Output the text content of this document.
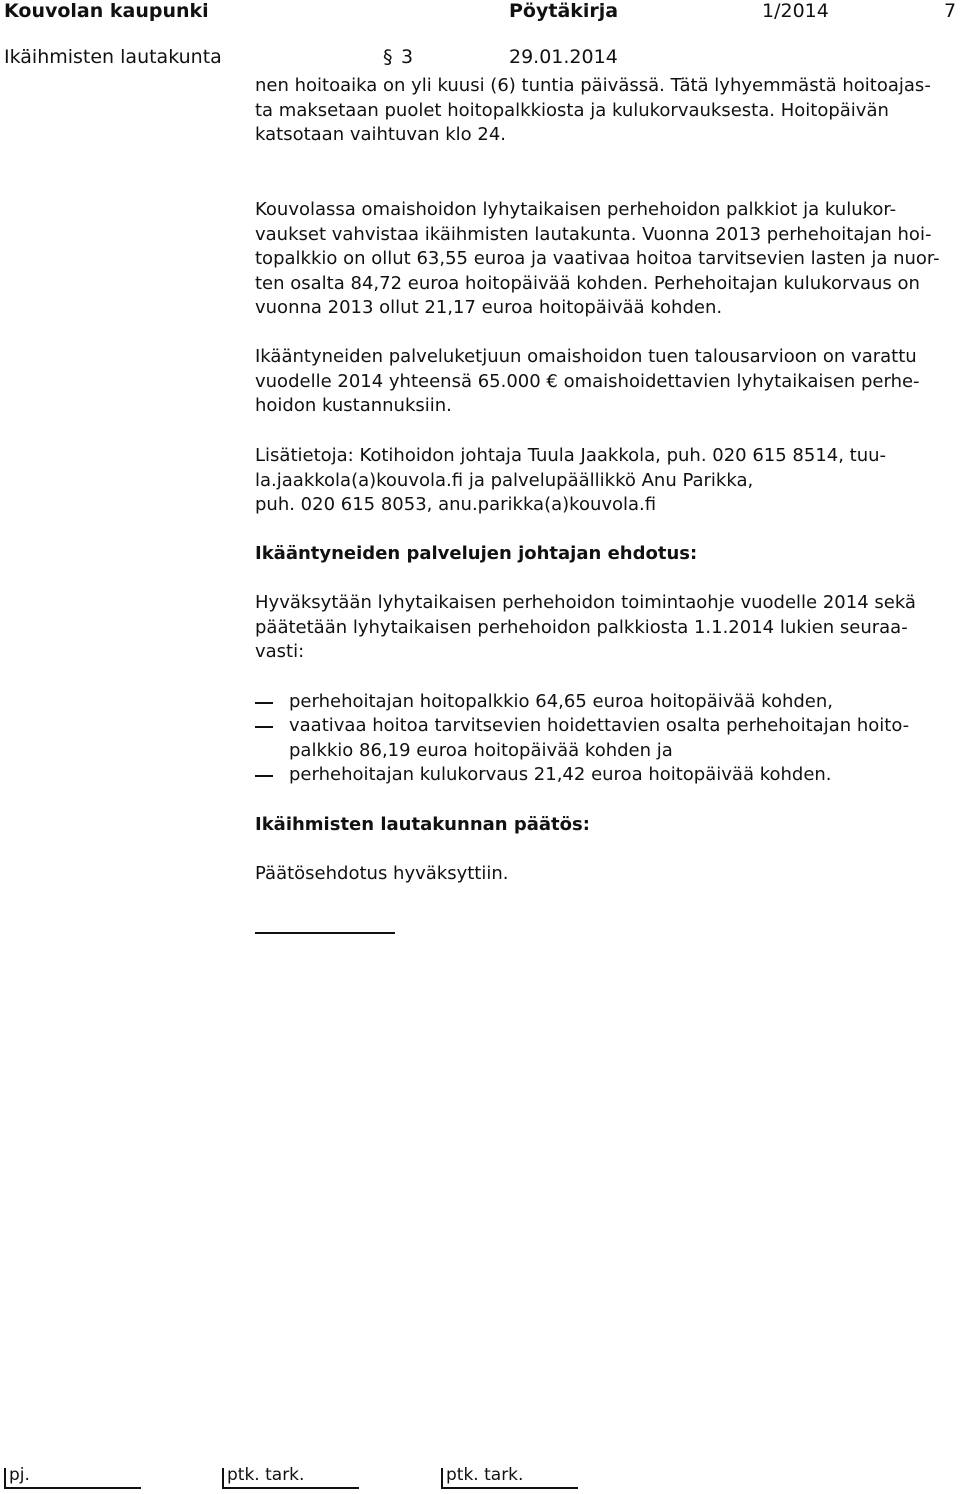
Kouvolan kaupunki	Pöytäkirja	1/2014	7
Ikäihmisten lautakunta	§ 3	29.01.2014
nen hoitoaika on yli kuusi (6) tuntia päivässä. Tätä lyhyemmästä hoitoajas-
ta maksetaan puolet hoitopalkkiosta ja kulukorvauksesta. Hoitopäivän
katsotaan vaihtuvan klo 24.
Kouvolassa omaishoidon lyhytaikaisen perhehoidon palkkiot ja kulukor-
vaukset vahvistaa ikäihmisten lautakunta. Vuonna 2013 perhehoitajan hoi-
topalkkio on ollut 63,55 euroa ja vaativaa hoitoa tarvitsevien lasten ja nuor-
ten osalta 84,72 euroa hoitopäivää kohden. Perhehoitajan kulukorvaus on
vuonna 2013 ollut 21,17 euroa hoitopäivää kohden.
Ikääntyneiden palveluketjuun omaishoidon tuen talousarvioon on varattu
vuodelle 2014 yhteensä 65.000 € omaishoidettavien lyhytaikaisen perhe-
hoidon kustannuksiin.
Lisätietoja: Kotihoidon johtaja Tuula Jaakkola, puh. 020 615 8514, tuu-
la.jaakkola(a)kouvola.fi ja palvelupäällikkö Anu Parikka,
puh. 020 615 8053, anu.parikka(a)kouvola.fi
Ikääntyneiden palvelujen johtajan ehdotus:
Hyväksytään lyhytaikaisen perhehoidon toimintaohje vuodelle 2014 sekä
päätetään lyhytaikaisen perhehoidon palkkiosta 1.1.2014 lukien seuraa-
vasti:
perhehoitajan hoitopalkkio 64,65 euroa hoitopäivää kohden,
vaativaa hoitoa tarvitsevien hoidettavien osalta perhehoitajan hoito-
palkkio 86,19 euroa hoitopäivää kohden ja
perhehoitajan kulukorvaus 21,42 euroa hoitopäivää kohden.
Ikäihmisten lautakunnan päätös:
Päätösehdotus hyväksyttiin.
pj.	ptk. tark.	ptk. tark.
